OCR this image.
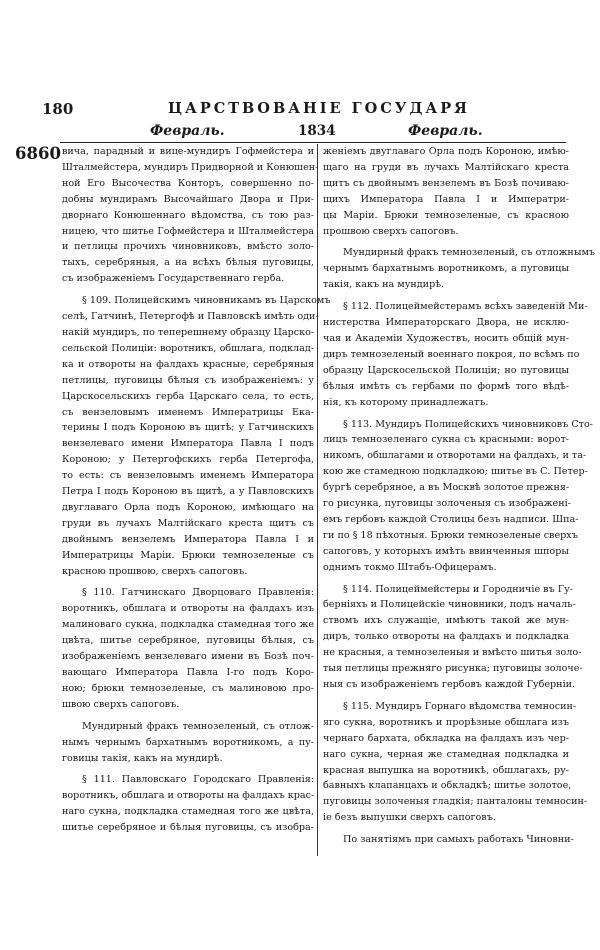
180	ЦАРСТВОВАНІЕ ГОСУДАРЯ
Февраль.	1834	Февраль.
6860 вича, парадный и вице-мундиръ Гофмейстера и
Шталмейстера, мундиръ Придворной и Конюшен-
ной Его Высочества Конторъ, совершенно по-
добны мундирамъ Высочайшаго Двора и При-
дворнаго Конюшеннаго вѣдомства, съ тою раз-
ницею, что шитье Гофмейстера и Шталмейстера
и петлицы прочихъ чиновниковъ, вмѣсто золо-
тыхъ, серебряныя, а на всѣхъ бѣлыя пуговицы,
съ изображеніемъ Государственнаго герба.
§ 109. Полицейскимъ чиновникамъ въ Царскомъ
селѣ, Гатчинѣ, Петергофѣ и Павловскѣ имѣть оди-
накій мундиръ, по теперешнему образцу Царско-
сельской Полиціи: воротникъ, обшлага, подклад-
ка и отвороты на фалдахъ красные, серебряныя
петлицы, пуговицы бѣлыя съ изображеніемъ: у
Царскосельскихъ герба Царскаго села, то есть,
съ вензеловымъ именемъ Императрицы Ека-
терины I подъ Короною въ щитѣ; у Гатчинскихъ
вензелеваго имени Императора Павла I подъ
Короною; у Петергофскихъ герба Петергофа,
то есть: съ вензеловымъ именемъ Императора
Петра I подъ Короною въ щитѣ, а у Павловскихъ
двуглаваго Орла подъ Короною, имѣющаго на
груди въ лучахъ Малтійскаго креста щитъ съ
двойнымъ вензелемъ Императора Павла I и
Императрицы Маріи. Брюки темнозеленые съ
красною прошвою, сверхъ сапоговъ.
§ 110. Гатчинскаго Дворцоваго Правленія:
воротникъ, обшлага и отвороты на фалдахъ изъ
малиноваго сукна, подкладка стамедная того же
цвѣта, шитье серебряное, пуговицы бѣлыя, съ
изображеніемъ вензелеваго имени въ Бозѣ поч-
вающаго Императора Павла I-го подъ Коро-
ною; брюки темнозеленые, съ малиновою про-
швою сверхъ сапоговъ.
Мундирный фракъ темнозеленый, съ отлож-
нымъ чернымъ бархатнымъ воротникомъ, а пу-
говицы такія, какъ на мундирѣ.
§ 111. Павловскаго Городскаго Правленія:
воротникъ, обшлага и отвороты на фалдахъ крас-
наго сукна, подкладка стамедная того же цвѣта,
шитье серебряное и бѣлыя пуговицы, съ изобра-
женіемъ двуглаваго Орла подъ Короною, имѣю-
щаго на груди въ лучахъ Малтійскаго креста
щитъ съ двойнымъ вензелемъ въ Бозѣ почиваю-
щихъ Императора Павла I и Императри-
цы Маріи. Брюки темнозеленые, съ красною
прошвою сверхъ сапоговъ.
Мундирный фракъ темнозеленый, съ отложнымъ
чернымъ бархатнымъ воротникомъ, а пуговицы
такія, какъ на мундирѣ.
§ 112. Полицеймейстерамъ всѣхъ заведеній Ми-
нистерства Императорскаго Двора, не исклю-
чая и Академіи Художествъ, носить общій мун-
диръ темнозеленый военнаго покроя, по всѣмъ по
образцу Царскосельской Полиціи; но пуговицы
бѣлыя имѣть съ гербами по формѣ того вѣдѣ-
нія, къ которому принадлежатъ.
§ 113. Мундиръ Полицейскихъ чиновниковъ Сто-
лицъ темнозеленаго сукна съ красными: ворот-
никомъ, обшлагами и отворотами на фалдахъ, и та-
кою же стамедною подкладкою; шитье въ С. Петер-
бургѣ серебряное, а въ Москвѣ золотое прежня-
го рисунка, пуговицы золоченыя съ изображені-
емъ гербовъ каждой Столицы безъ надписи. Шпа-
ги по § 18 пѣхотныя. Брюки темнозеленые сверхъ
сапоговъ, у которыхъ имѣть ввинченныя шпоры
однимъ токмо Штабъ-Офицерамъ.
§ 114. Полицеймейстеры и Городничіе въ Гу-
берніяхъ и Полицейскіе чиновники, подъ началь-
ствомъ ихъ служащіе, имѣютъ такой же мун-
диръ, только отвороты на фалдахъ и подкладка
не красныя, а темнозеленыя и вмѣсто шитья золо-
тыя петлицы прежняго рисунка; пуговицы золоче-
ныя съ изображеніемъ гербовъ каждой Губерніи.
§ 115. Мундиръ Горнаго вѣдомства темносин-
яго сукна, воротникъ и прорѣзные обшлага изъ
чернаго бархата, обкладка на фалдахъ изъ чер-
наго сукна, черная же стамедная подкладка и
красная выпушка на воротникѣ, обшлагахъ, ру-
бавныхъ клапанцахъ и обкладкѣ; шитье золотое,
пуговицы золоченыя гладкія; панталоны темносин-
іе безъ выпушки сверхъ сапоговъ.
По занятіямъ при самыхъ работахъ Чиновни-
